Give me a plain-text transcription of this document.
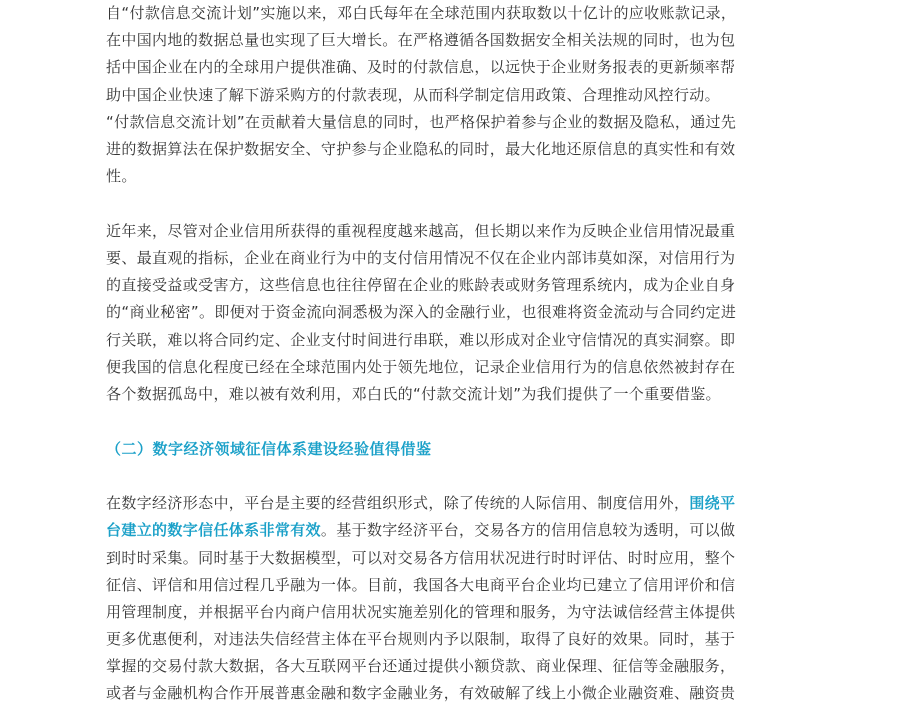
自“付款信息交流计划”实施以来，邓白氏每年在全球范围内获取数以十亿计的应收账款记录，
在中国内地的数据总量也实现了巨大增长。在严格遵循各国数据安全相关法规的同时，也为包
括中国企业在内的全球用户提供准确、及时的付款信息，以远快于企业财务报表的更新频率帮
助中国企业快速了解下游采购方的付款表现，从而科学制定信用政策、合理推动风控行动。
“付款信息交流计划”在贡献着大量信息的同时，也严格保护着参与企业的数据及隐私，通过先
进的数据算法在保护数据安全、守护参与企业隐私的同时，最大化地还原信息的真实性和有效
性。
近年来，尽管对企业信用所获得的重视程度越来越高，但长期以来作为反映企业信用情况最重
要、最直观的指标，企业在商业行为中的支付信用情况不仅在企业内部讳莫如深，对信用行为
的直接受益或受害方，这些信息也往往停留在企业的账龄表或财务管理系统内，成为企业自身
的“商业秘密”。即便对于资金流向洞悉极为深入的金融行业，也很难将资金流动与合同约定进
行关联，难以将合同约定、企业支付时间进行串联，难以形成对企业守信情况的真实洞察。即
便我国的信息化程度已经在全球范围内处于领先地位，记录企业信用行为的信息依然被封存在
各个数据孤岛中，难以被有效利用，邓白氏的“付款交流计划”为我们提供了一个重要借鉴。
（二）数字经济领域征信体系建设经验值得借鉴
在数字经济形态中，平台是主要的经营组织形式，除了传统的人际信用、制度信用外，围绕平
台建立的数字信任体系非常有效。基于数字经济平台，交易各方的信用信息较为透明，可以做
到时时采集。同时基于大数据模型，可以对交易各方信用状况进行时时评估、时时应用，整个
征信、评信和用信过程几乎融为一体。目前，我国各大电商平台企业均已建立了信用评价和信
用管理制度，并根据平台内商户信用状况实施差别化的管理和服务，为守法诚信经营主体提供
更多优惠便利，对违法失信经营主体在平台规则内予以限制，取得了良好的效果。同时，基于
掌握的交易付款大数据，各大互联网平台还通过提供小额贷款、商业保理、征信等金融服务，
或者与金融机构合作开展普惠金融和数字金融业务，有效破解了线上小微企业融资难、融资贵
